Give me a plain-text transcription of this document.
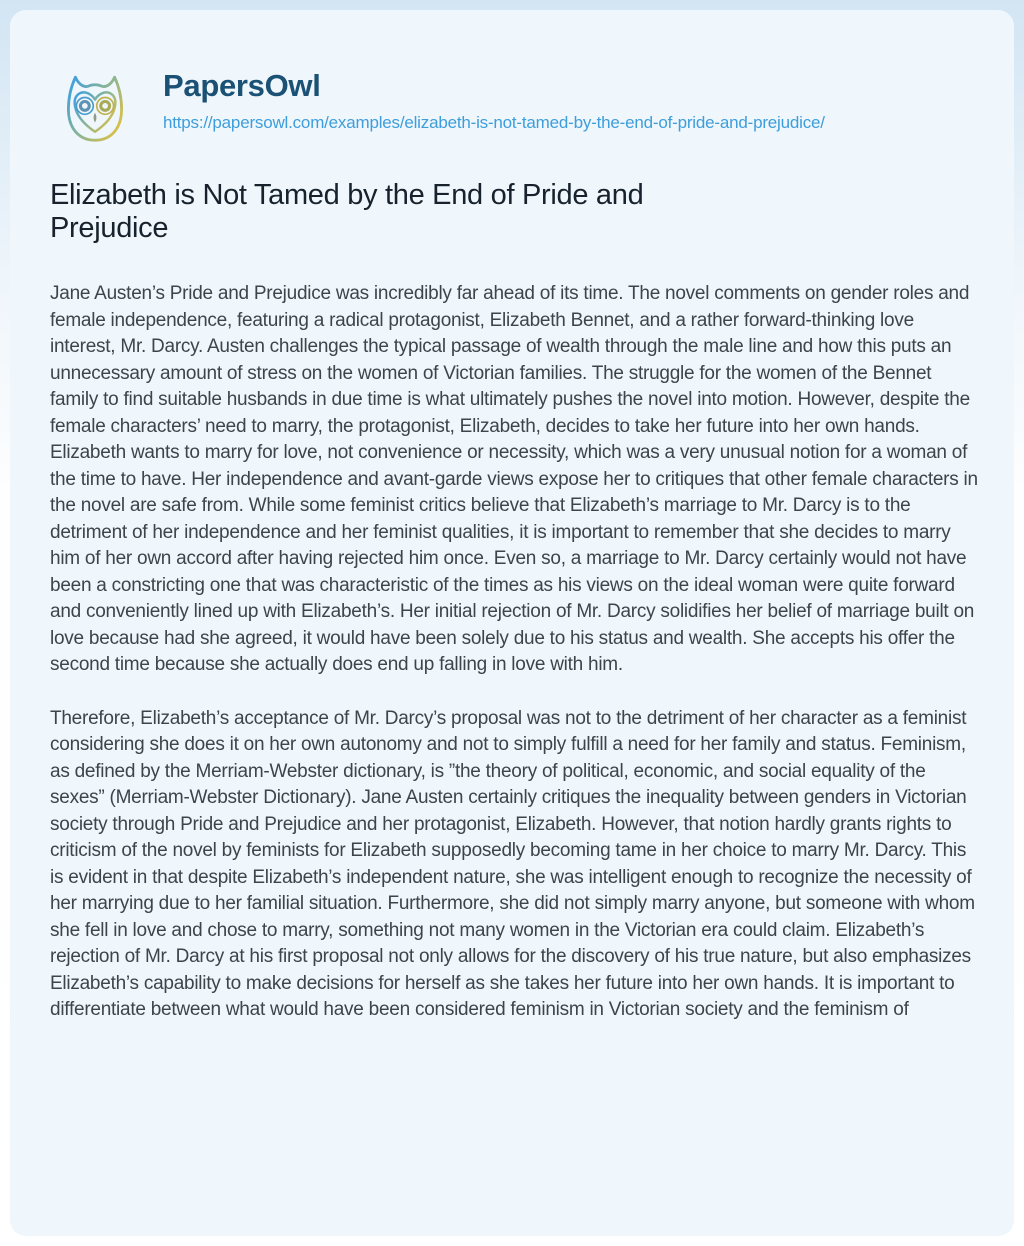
PapersOwl
https://papersowl.com/examples/elizabeth-is-not-tamed-by-the-end-of-pride-and-prejudice/
Elizabeth is Not Tamed by the End of Pride and Prejudice

Jane Austen’s Pride and Prejudice was incredibly far ahead of its time. The novel comments on gender roles and female independence, featuring a radical protagonist, Elizabeth Bennet, and a rather forward-thinking love interest, Mr. Darcy. Austen challenges the typical passage of wealth through the male line and how this puts an unnecessary amount of stress on the women of Victorian families. The struggle for the women of the Bennet family to find suitable husbands in due time is what ultimately pushes the novel into motion. However, despite the female characters’ need to marry, the protagonist, Elizabeth, decides to take her future into her own hands. Elizabeth wants to marry for love, not convenience or necessity, which was a very unusual notion for a woman of the time to have. Her independence and avant-garde views expose her to critiques that other female characters in the novel are safe from. While some feminist critics believe that Elizabeth’s marriage to Mr. Darcy is to the detriment of her independence and her feminist qualities, it is important to remember that she decides to marry him of her own accord after having rejected him once. Even so, a marriage to Mr. Darcy certainly would not have been a constricting one that was characteristic of the times as his views on the ideal woman were quite forward and conveniently lined up with Elizabeth’s. Her initial rejection of Mr. Darcy solidifies her belief of marriage built on love because had she agreed, it would have been solely due to his status and wealth. She accepts his offer the second time because she actually does end up falling in love with him.

Therefore, Elizabeth’s acceptance of Mr. Darcy’s proposal was not to the detriment of her character as a feminist considering she does it on her own autonomy and not to simply fulfill a need for her family and status. Feminism, as defined by the Merriam-Webster dictionary, is ”the theory of political, economic, and social equality of the sexes” (Merriam-Webster Dictionary). Jane Austen certainly critiques the inequality between genders in Victorian society through Pride and Prejudice and her protagonist, Elizabeth. However, that notion hardly grants rights to criticism of the novel by feminists for Elizabeth supposedly becoming tame in her choice to marry Mr. Darcy. This is evident in that despite Elizabeth’s independent nature, she was intelligent enough to recognize the necessity of her marrying due to her familial situation. Furthermore, she did not simply marry anyone, but someone with whom she fell in love and chose to marry, something not many women in the Victorian era could claim. Elizabeth’s rejection of Mr. Darcy at his first proposal not only allows for the discovery of his true nature, but also emphasizes Elizabeth’s capability to make decisions for herself as she takes her future into her own hands. It is important to differentiate between what would have been considered feminism in Victorian society and the feminism of
